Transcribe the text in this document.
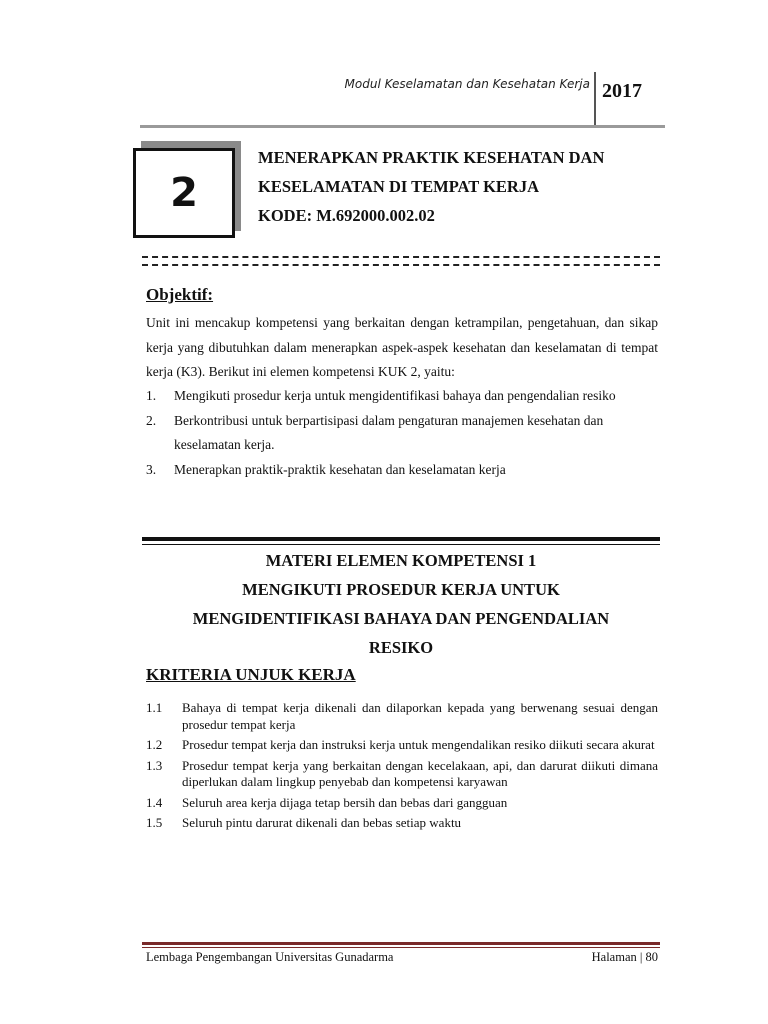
Modul Keselamatan dan Kesehatan Kerja 2017
2
MENERAPKAN PRAKTIK KESEHATAN DAN
KESELAMATAN DI TEMPAT KERJA
KODE: M.692000.002.02
Objektif:
Unit ini mencakup kompetensi yang berkaitan dengan ketrampilan, pengetahuan, dan sikap kerja yang dibutuhkan dalam menerapkan aspek-aspek kesehatan dan keselamatan di tempat kerja (K3). Berikut ini elemen kompetensi KUK 2, yaitu:
1. Mengikuti prosedur kerja untuk mengidentifikasi bahaya dan pengendalian resiko
2. Berkontribusi untuk berpartisipasi dalam pengaturan manajemen kesehatan dan keselamatan kerja.
3. Menerapkan praktik-praktik kesehatan dan keselamatan kerja
MATERI ELEMEN KOMPETENSI 1
MENGIKUTI PROSEDUR KERJA UNTUK
MENGIDENTIFIKASI BAHAYA DAN PENGENDALIAN
RESIKO
KRITERIA UNJUK KERJA
1.1 Bahaya di tempat kerja dikenali dan dilaporkan kepada yang berwenang sesuai dengan prosedur tempat kerja
1.2 Prosedur tempat kerja dan instruksi kerja untuk mengendalikan resiko diikuti secara akurat
1.3 Prosedur tempat kerja yang berkaitan dengan kecelakaan, api, dan darurat diikuti dimana diperlukan dalam lingkup penyebab dan kompetensi karyawan
1.4 Seluruh area kerja dijaga tetap bersih dan bebas dari gangguan
1.5 Seluruh pintu darurat dikenali dan bebas setiap waktu
Lembaga Pengembangan Universitas Gunadarma	Halaman | 80
